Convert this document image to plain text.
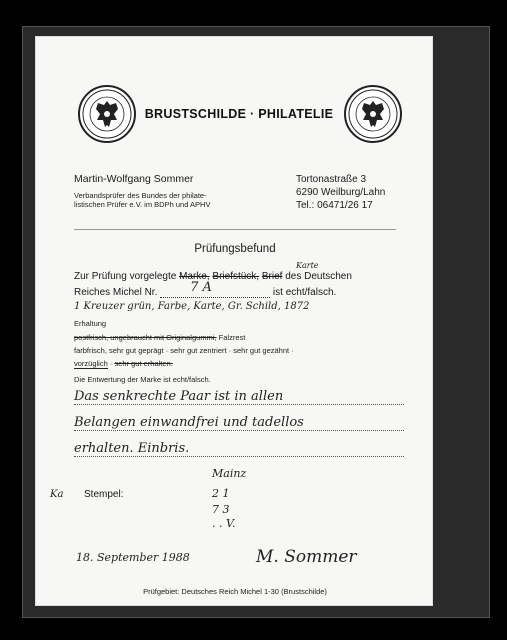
BRUSTSCHILDE · PHILATELIE
Martin-Wolfgang Sommer
Verbandsprüfer des Bundes der philate-
listischen Prüfer e.V. im BDPh und APHV
Tortonastraße 3
6290 Weilburg/Lahn
Tel.: 06471/26 17
Prüfungsbefund
Karte
Zur Prüfung vorgelegte Marke, Briefstück, Brief des Deutschen
Reiches Michel Nr. 7 A	ist echt/falsch.
1 Kreuzer grün, Farbe, Karte, Gr. Schild, 1872
Erhaltung
postfrisch, ungebraucht mit Originalgummi, Falzrest
farbfrisch, sehr gut geprägt · sehr gut zentriert · sehr gut gezähnt ·
vorzüglich · sehr gut erhalten.
Die Entwertung der Marke ist echt/falsch.
Das senkrechte Paar ist in allen
Belangen einwandfrei und tadellos
erhalten. Einbris.
Ka Stempel:
Mainz
2 1
7 3
. . V.
18. September 1988	M. Sommer
Prüfgebiet: Deutsches Reich Michel 1-30 (Brustschilde)
